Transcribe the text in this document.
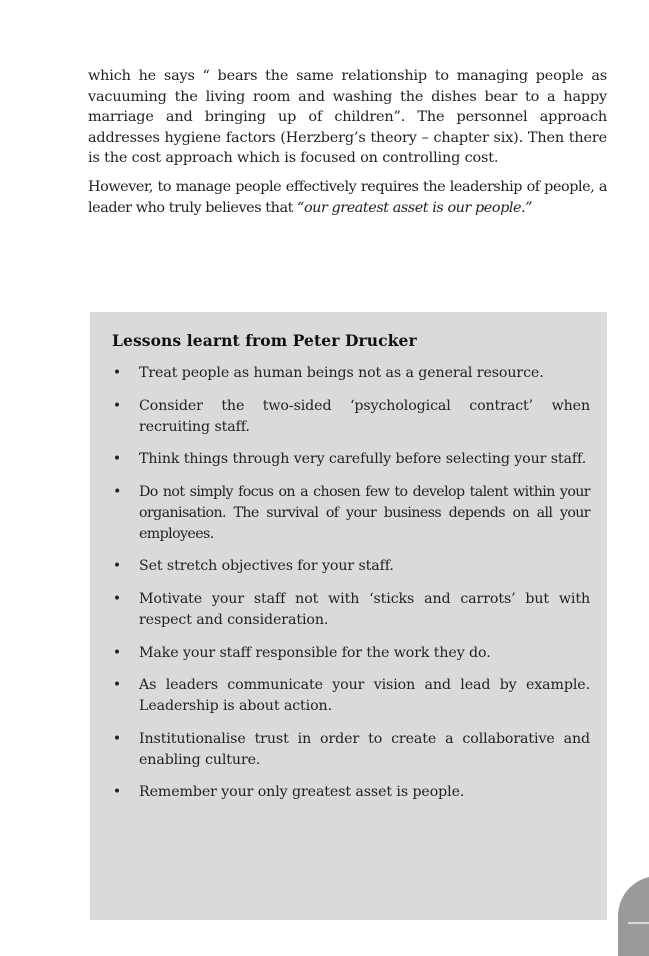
which he says “ bears the same relationship to managing people as vacuuming the living room and washing the dishes bear to a happy marriage and bringing up of children”. The personnel approach addresses hygiene factors (Herzberg’s theory – chapter six). Then there is the cost approach which is focused on controlling cost.

However, to manage people effectively requires the leadership of people, a leader who truly believes that “our greatest asset is our people.”

Lessons learnt from Peter Drucker
• Treat people as human beings not as a general resource.
• Consider the two-sided ‘psychological contract’ when recruiting staff.
• Think things through very carefully before selecting your staff.
• Do not simply focus on a chosen few to develop talent within your organisation. The survival of your business depends on all your employees.
• Set stretch objectives for your staff.
• Motivate your staff not with ‘sticks and carrots’ but with respect and consideration.
• Make your staff responsible for the work they do.
• As leaders communicate your vision and lead by example. Leadership is about action.
• Institutionalise trust in order to create a collaborative and enabling culture.
• Remember your only greatest asset is people.
